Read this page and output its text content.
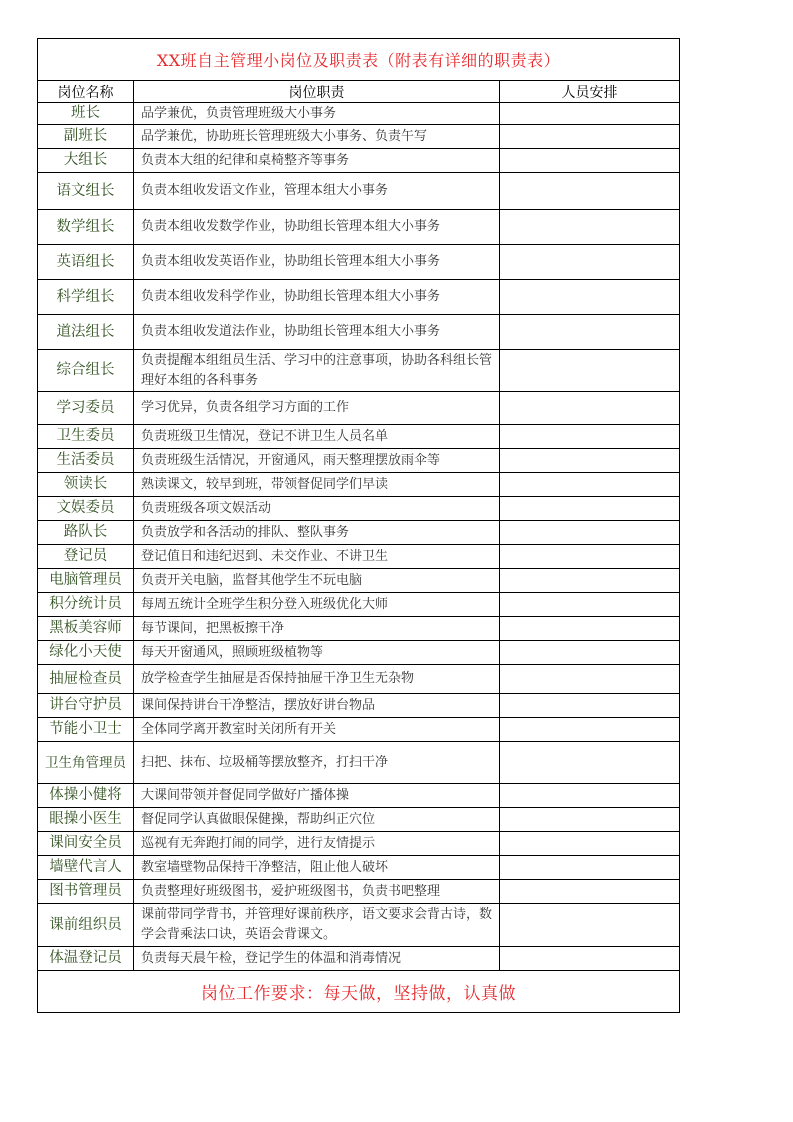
XX班自主管理小岗位及职责表（附表有详细的职责表）		
岗位名称	岗位职责	人员安排
班长	品学兼优，负责管理班级大小事务	
副班长	品学兼优，协助班长管理班级大小事务、负责午写	
大组长	负责本大组的纪律和桌椅整齐等事务	
语文组长	负责本组收发语文作业，管理本组大小事务	
数学组长	负责本组收发数学作业，协助组长管理本组大小事务	
英语组长	负责本组收发英语作业，协助组长管理本组大小事务	
科学组长	负责本组收发科学作业，协助组长管理本组大小事务	
道法组长	负责本组收发道法作业，协助组长管理本组大小事务	
综合组长	负责提醒本组组员生活、学习中的注意事项，协助各科组长管理好本组的各科事务	
学习委员	学习优异，负责各组学习方面的工作	
卫生委员	负责班级卫生情况，登记不讲卫生人员名单	
生活委员	负责班级生活情况，开窗通风，雨天整理摆放雨伞等	
领读长	熟读课文，较早到班，带领督促同学们早读	
文娱委员	负责班级各项文娱活动	
路队长	负责放学和各活动的排队、整队事务	
登记员	登记值日和违纪迟到、未交作业、不讲卫生	
电脑管理员	负责开关电脑，监督其他学生不玩电脑	
积分统计员	每周五统计全班学生积分登入班级优化大师	
黑板美容师	每节课间，把黑板擦干净	
绿化小天使	每天开窗通风，照顾班级植物等	
抽屉检查员	放学检查学生抽屉是否保持抽屉干净卫生无杂物	
讲台守护员	课间保持讲台干净整洁，摆放好讲台物品	
节能小卫士	全体同学离开教室时关闭所有开关	
卫生角管理员	扫把、抹布、垃圾桶等摆放整齐，打扫干净	
体操小健将	大课间带领并督促同学做好广播体操	
眼操小医生	督促同学认真做眼保健操，帮助纠正穴位	
课间安全员	巡视有无奔跑打闹的同学，进行友情提示	
墙壁代言人	教室墙壁物品保持干净整洁，阻止他人破坏	
图书管理员	负责整理好班级图书，爱护班级图书，负责书吧整理	
课前组织员	课前带同学背书，并管理好课前秩序，语文要求会背古诗，数学会背乘法口诀，英语会背课文。	
体温登记员	负责每天晨午检，登记学生的体温和消毒情况	
岗位工作要求：每天做，坚持做，认真做		
